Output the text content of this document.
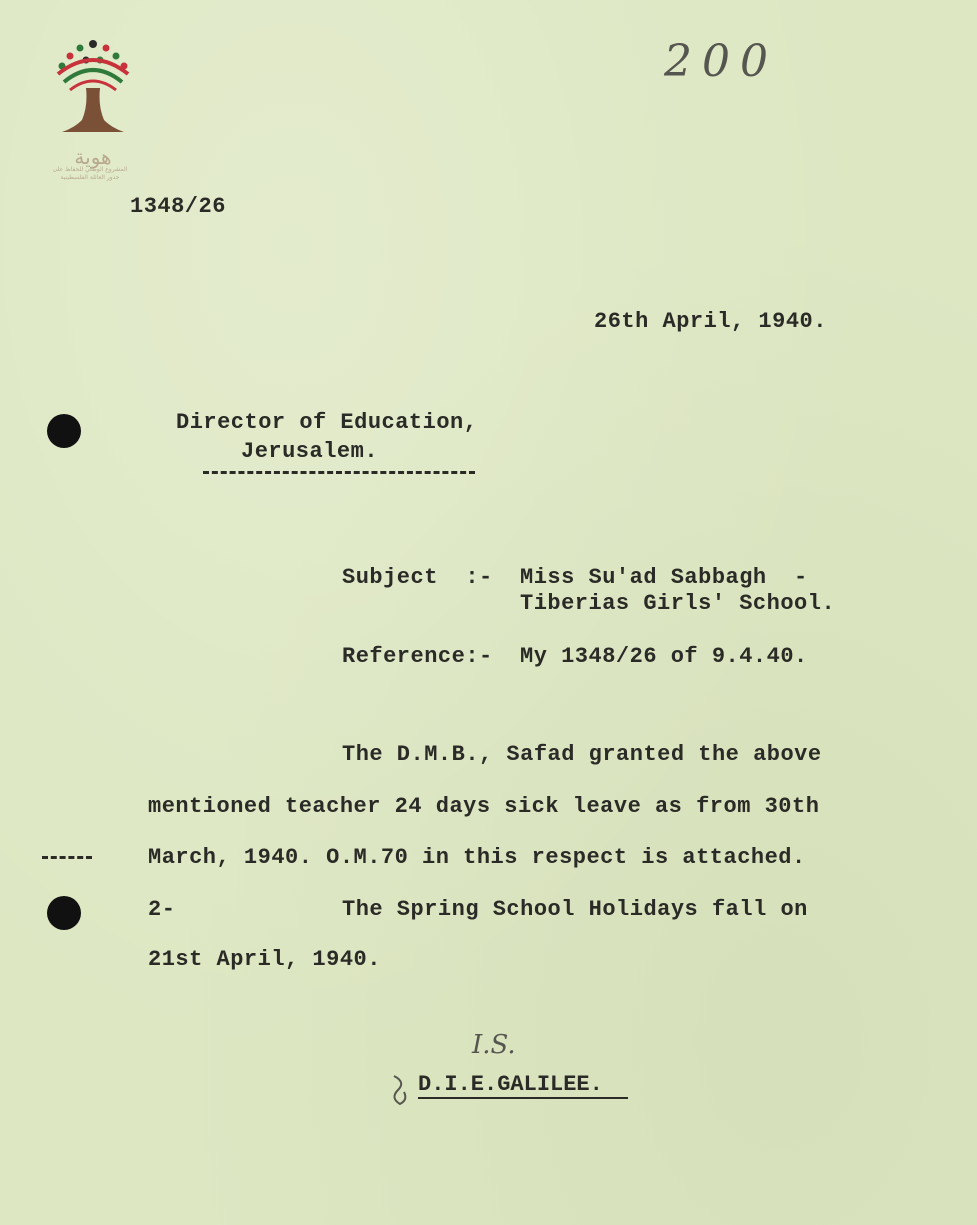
هوية
المشروع الوطني للحفاظ على
جذور العائلة الفلسطينية
200
1348/26
26th April, 1940.
Director of Education,
Jerusalem.
Subject  :- Miss Su'ad Sabbagh  -
Tiberias Girls' School.
Reference:- My 1348/26 of 9.4.40.
The D.M.B., Safad granted the above
mentioned teacher 24 days sick leave as from 30th
March, 1940. O.M.70 in this respect is attached.
2-	The Spring School Holidays fall on
21st April, 1940.
I.S.
D.I.E.GALILEE.
